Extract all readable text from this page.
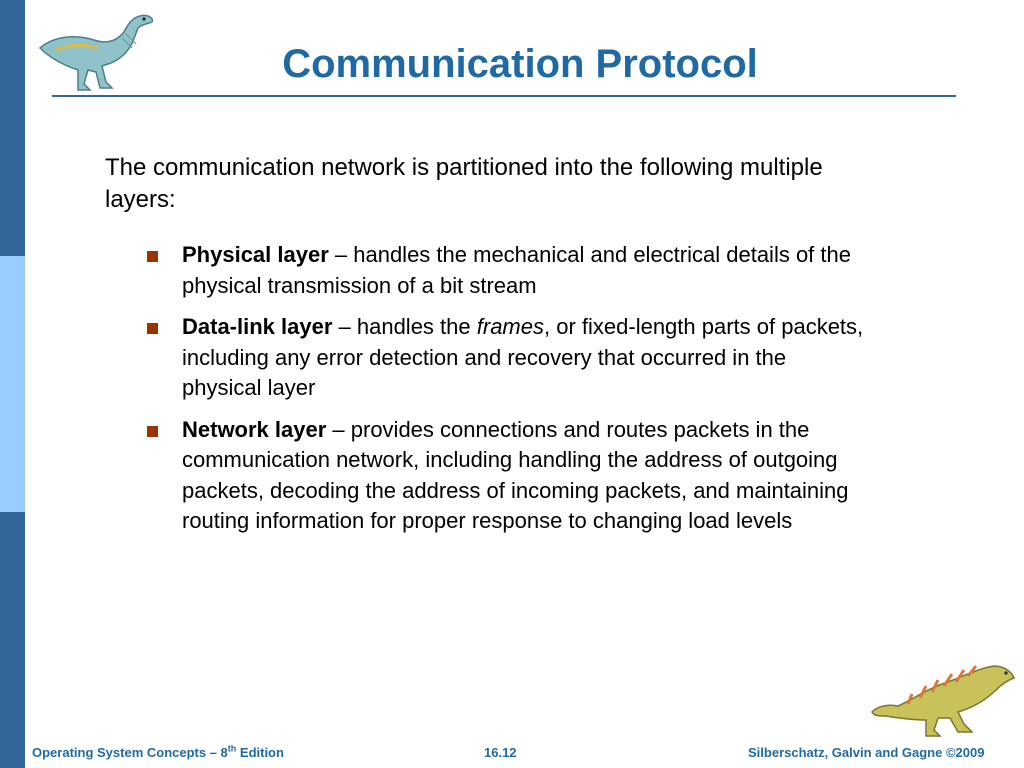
Communication Protocol

The communication network is partitioned into the following multiple layers:

Physical layer – handles the mechanical and electrical details of the physical transmission of a bit stream
Data-link layer – handles the frames, or fixed-length parts of packets, including any error detection and recovery that occurred in the physical layer
Network layer – provides connections and routes packets in the communication network, including handling the address of outgoing packets, decoding the address of incoming packets, and maintaining routing information for proper response to changing load levels
Operating System Concepts – 8th Edition	16.12	Silberschatz, Galvin and Gagne ©2009
